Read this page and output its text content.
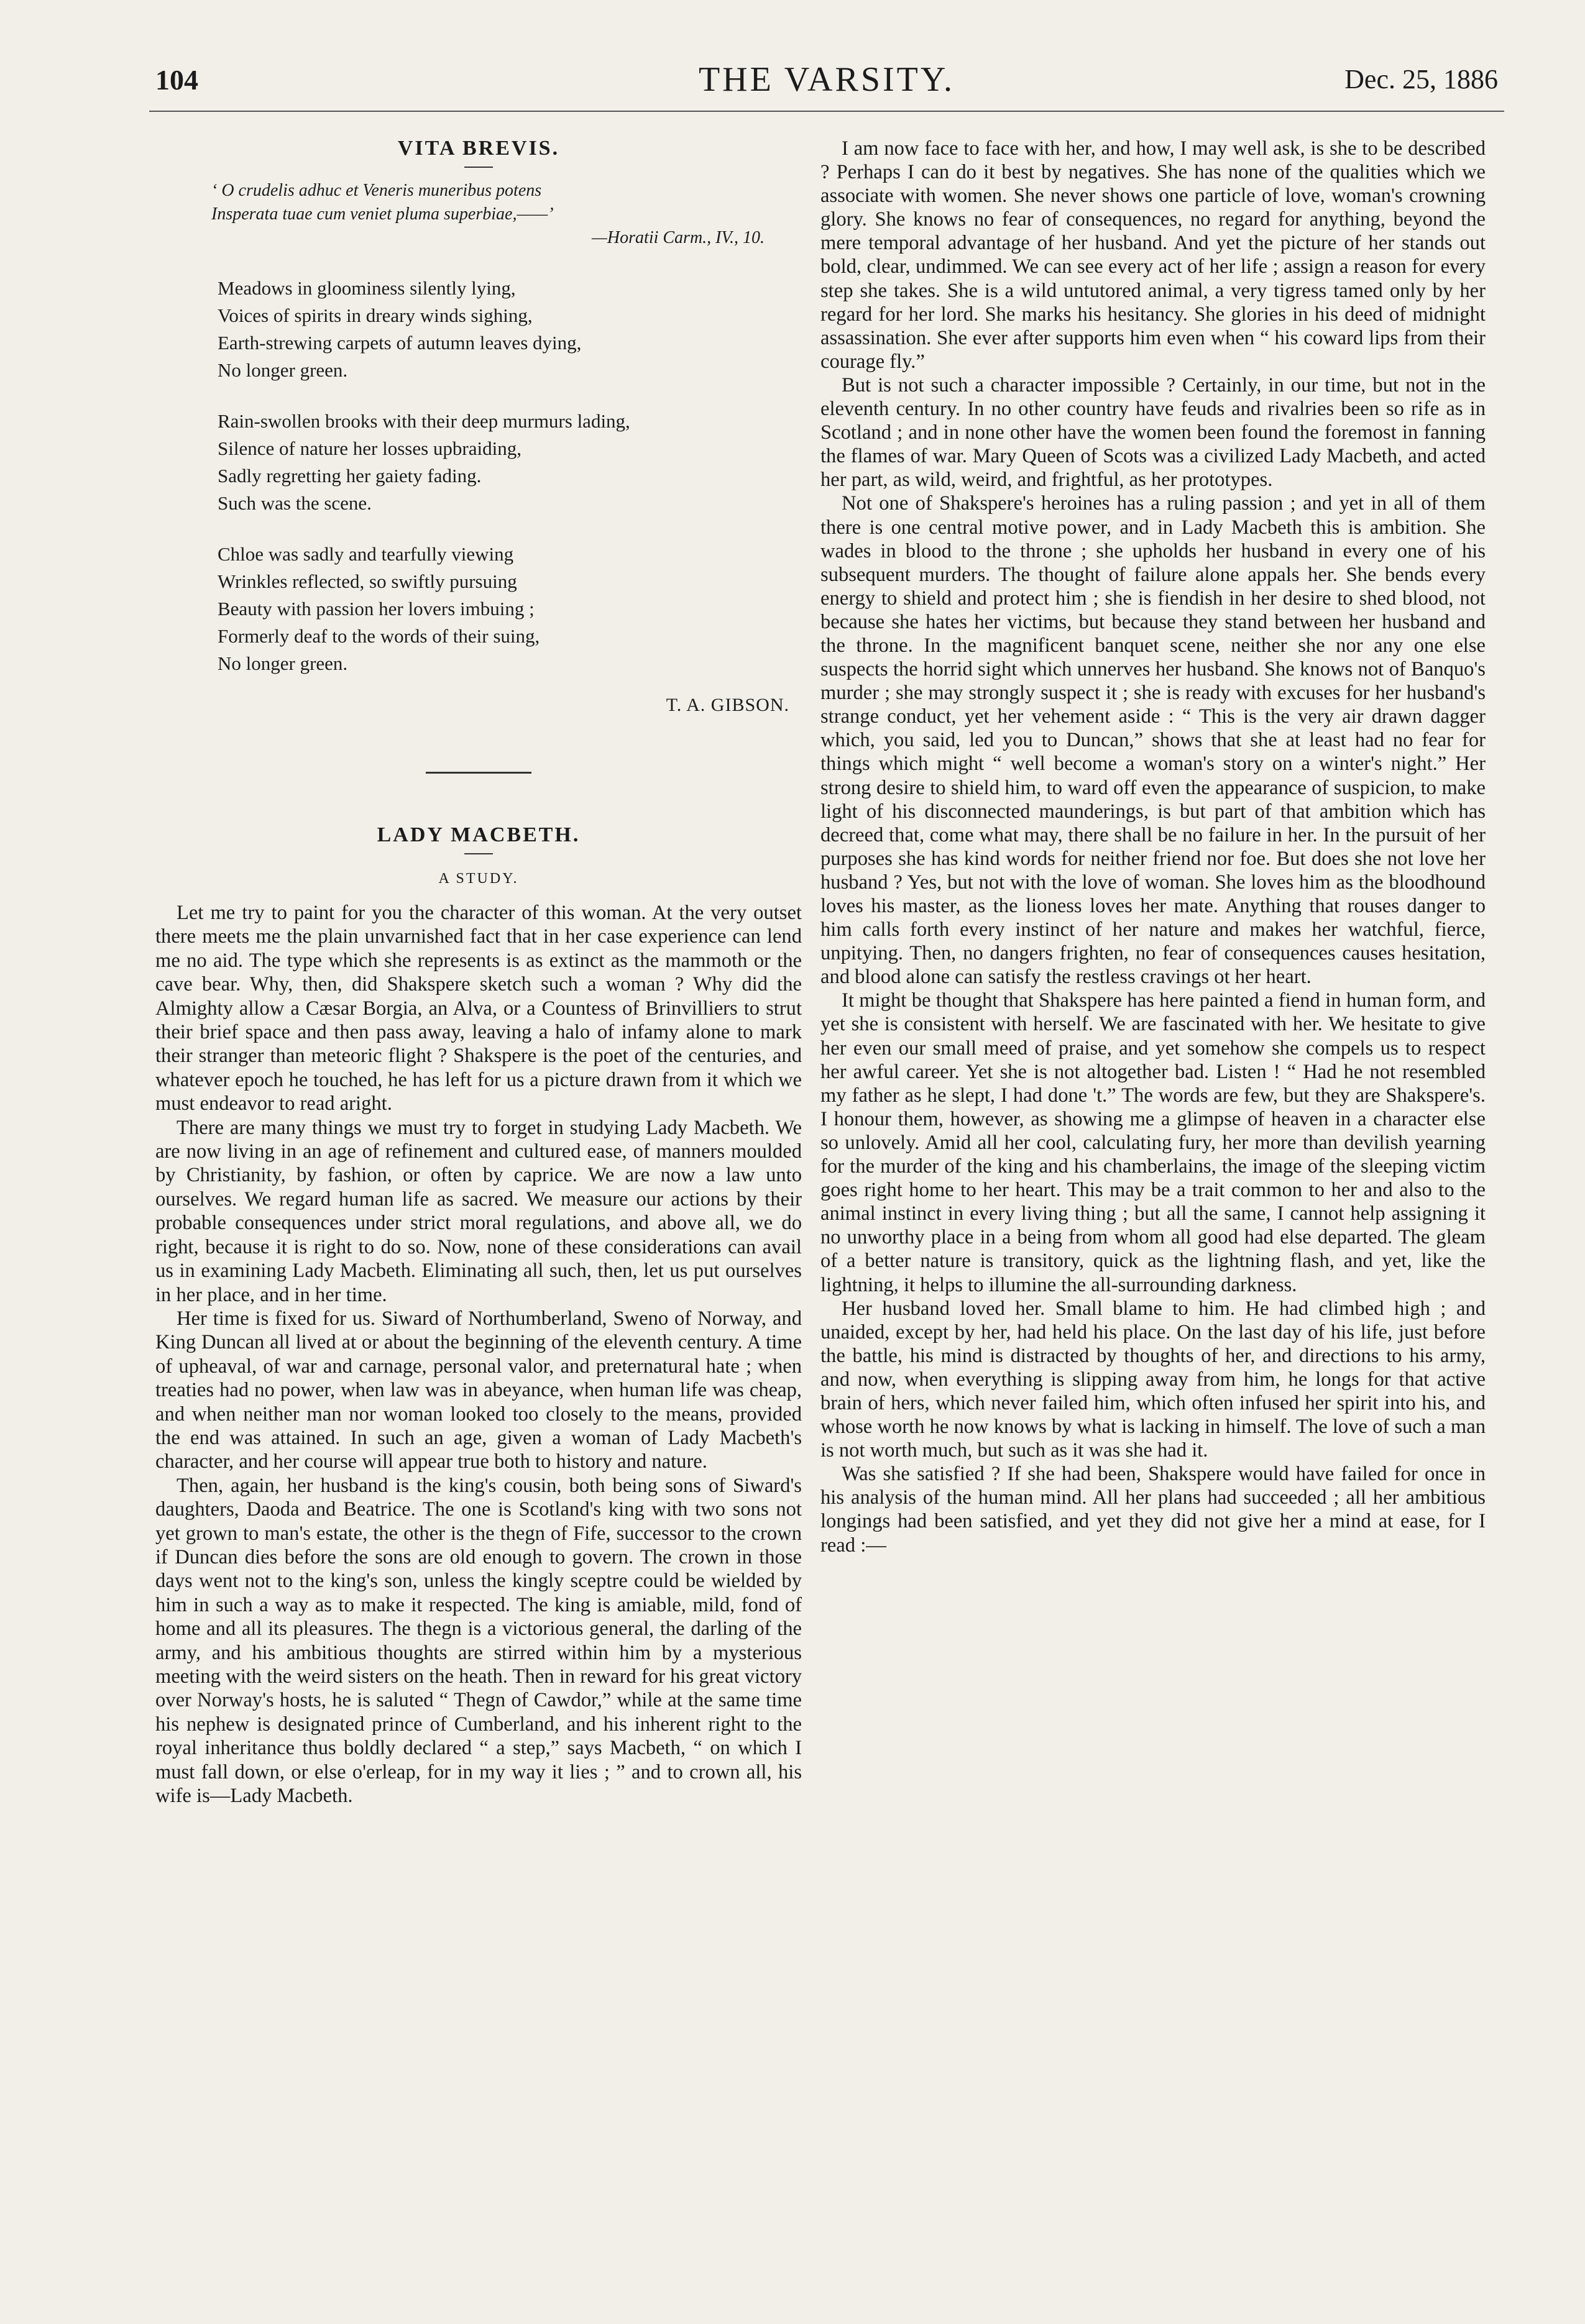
104	THE VARSITY.	Dec. 25, 1886
VITA BREVIS.
‘ O crudelis adhuc et Veneris muneribus potens
Insperata tuae cum veniet pluma superbiae,——’
—Horatii Carm., IV., 10.
Meadows in gloominess silently lying,
Voices of spirits in dreary winds sighing,
Earth-strewing carpets of autumn leaves dying,
No longer green.
Rain-swollen brooks with their deep murmurs lading,
Silence of nature her losses upbraiding,
Sadly regretting her gaiety fading.
Such was the scene.
Chloe was sadly and tearfully viewing
Wrinkles reflected, so swiftly pursuing
Beauty with passion her lovers imbuing ;
Formerly deaf to the words of their suing,
No longer green.
T. A. GIBSON.
LADY MACBETH.
A STUDY.

Let me try to paint for you the character of this woman. At the very outset there meets me the plain unvarnished fact that in her case experience can lend me no aid. The type which she represents is as extinct as the mammoth or the cave bear. Why, then, did Shakspere sketch such a woman ? Why did the Almighty allow a Cæsar Borgia, an Alva, or a Countess of Brinvilliers to strut their brief space and then pass away, leaving a halo of infamy alone to mark their stranger than meteoric flight ? Shakspere is the poet of the centuries, and whatever epoch he touched, he has left for us a picture drawn from it which we must endeavor to read aright.

There are many things we must try to forget in studying Lady Macbeth. We are now living in an age of refinement and cultured ease, of manners moulded by Christianity, by fashion, or often by caprice. We are now a law unto ourselves. We regard human life as sacred. We measure our actions by their probable consequences under strict moral regulations, and above all, we do right, because it is right to do so. Now, none of these considerations can avail us in examining Lady Macbeth. Eliminating all such, then, let us put ourselves in her place, and in her time.

Her time is fixed for us. Siward of Northumberland, Sweno of Norway, and King Duncan all lived at or about the beginning of the eleventh century. A time of upheaval, of war and carnage, personal valor, and preternatural hate ; when treaties had no power, when law was in abeyance, when human life was cheap, and when neither man nor woman looked too closely to the means, provided the end was attained. In such an age, given a woman of Lady Macbeth's character, and her course will appear true both to history and nature.

Then, again, her husband is the king's cousin, both being sons of Siward's daughters, Daoda and Beatrice. The one is Scotland's king with two sons not yet grown to man's estate, the other is the thegn of Fife, successor to the crown if Duncan dies before the sons are old enough to govern. The crown in those days went not to the king's son, unless the kingly sceptre could be wielded by him in such a way as to make it respected. The king is amiable, mild, fond of home and all its pleasures. The thegn is a victorious general, the darling of the army, and his ambitious thoughts are stirred within him by a mysterious meeting with the weird sisters on the heath. Then in reward for his great victory over Norway's hosts, he is saluted “ Thegn of Cawdor,” while at the same time his nephew is designated prince of Cumberland, and his inherent right to the royal inheritance thus boldly declared “ a step,” says Macbeth, “ on which I must fall down, or else o'erleap, for in my way it lies ; ” and to crown all, his wife is—Lady Macbeth.

I am now face to face with her, and how, I may well ask, is she to be described ? Perhaps I can do it best by negatives. She has none of the qualities which we associate with women. She never shows one particle of love, woman's crowning glory. She knows no fear of consequences, no regard for anything, beyond the mere temporal advantage of her husband. And yet the picture of her stands out bold, clear, undimmed. We can see every act of her life ; assign a reason for every step she takes. She is a wild untutored animal, a very tigress tamed only by her regard for her lord. She marks his hesitancy. She glories in his deed of midnight assassination. She ever after supports him even when “ his coward lips from their courage fly.”

But is not such a character impossible ? Certainly, in our time, but not in the eleventh century. In no other country have feuds and rivalries been so rife as in Scotland ; and in none other have the women been found the foremost in fanning the flames of war. Mary Queen of Scots was a civilized Lady Macbeth, and acted her part, as wild, weird, and frightful, as her prototypes.

Not one of Shakspere's heroines has a ruling passion ; and yet in all of them there is one central motive power, and in Lady Macbeth this is ambition. She wades in blood to the throne ; she upholds her husband in every one of his subsequent murders. The thought of failure alone appals her. She bends every energy to shield and protect him ; she is fiendish in her desire to shed blood, not because she hates her victims, but because they stand between her husband and the throne. In the magnificent banquet scene, neither she nor any one else suspects the horrid sight which unnerves her husband. She knows not of Banquo's murder ; she may strongly suspect it ; she is ready with excuses for her husband's strange conduct, yet her vehement aside : “ This is the very air drawn dagger which, you said, led you to Duncan,” shows that she at least had no fear for things which might “ well become a woman's story on a winter's night.” Her strong desire to shield him, to ward off even the appearance of suspicion, to make light of his disconnected maunderings, is but part of that ambition which has decreed that, come what may, there shall be no failure in her. In the pursuit of her purposes she has kind words for neither friend nor foe. But does she not love her husband ? Yes, but not with the love of woman. She loves him as the bloodhound loves his master, as the lioness loves her mate. Anything that rouses danger to him calls forth every instinct of her nature and makes her watchful, fierce, unpitying. Then, no dangers frighten, no fear of consequences causes hesitation, and blood alone can satisfy the restless cravings ot her heart.

It might be thought that Shakspere has here painted a fiend in human form, and yet she is consistent with herself. We are fascinated with her. We hesitate to give her even our small meed of praise, and yet somehow she compels us to respect her awful career. Yet she is not altogether bad. Listen ! “ Had he not resembled my father as he slept, I had done 't.” The words are few, but they are Shakspere's. I honour them, however, as showing me a glimpse of heaven in a character else so unlovely. Amid all her cool, calculating fury, her more than devilish yearning for the murder of the king and his chamberlains, the image of the sleeping victim goes right home to her heart. This may be a trait common to her and also to the animal instinct in every living thing ; but all the same, I cannot help assigning it no unworthy place in a being from whom all good had else departed. The gleam of a better nature is transitory, quick as the lightning flash, and yet, like the lightning, it helps to illumine the all-surrounding darkness.

Her husband loved her. Small blame to him. He had climbed high ; and unaided, except by her, had held his place. On the last day of his life, just before the battle, his mind is distracted by thoughts of her, and directions to his army, and now, when everything is slipping away from him, he longs for that active brain of hers, which never failed him, which often infused her spirit into his, and whose worth he now knows by what is lacking in himself. The love of such a man is not worth much, but such as it was she had it.

Was she satisfied ? If she had been, Shakspere would have failed for once in his analysis of the human mind. All her plans had succeeded ; all her ambitious longings had been satisfied, and yet they did not give her a mind at ease, for I read :—
